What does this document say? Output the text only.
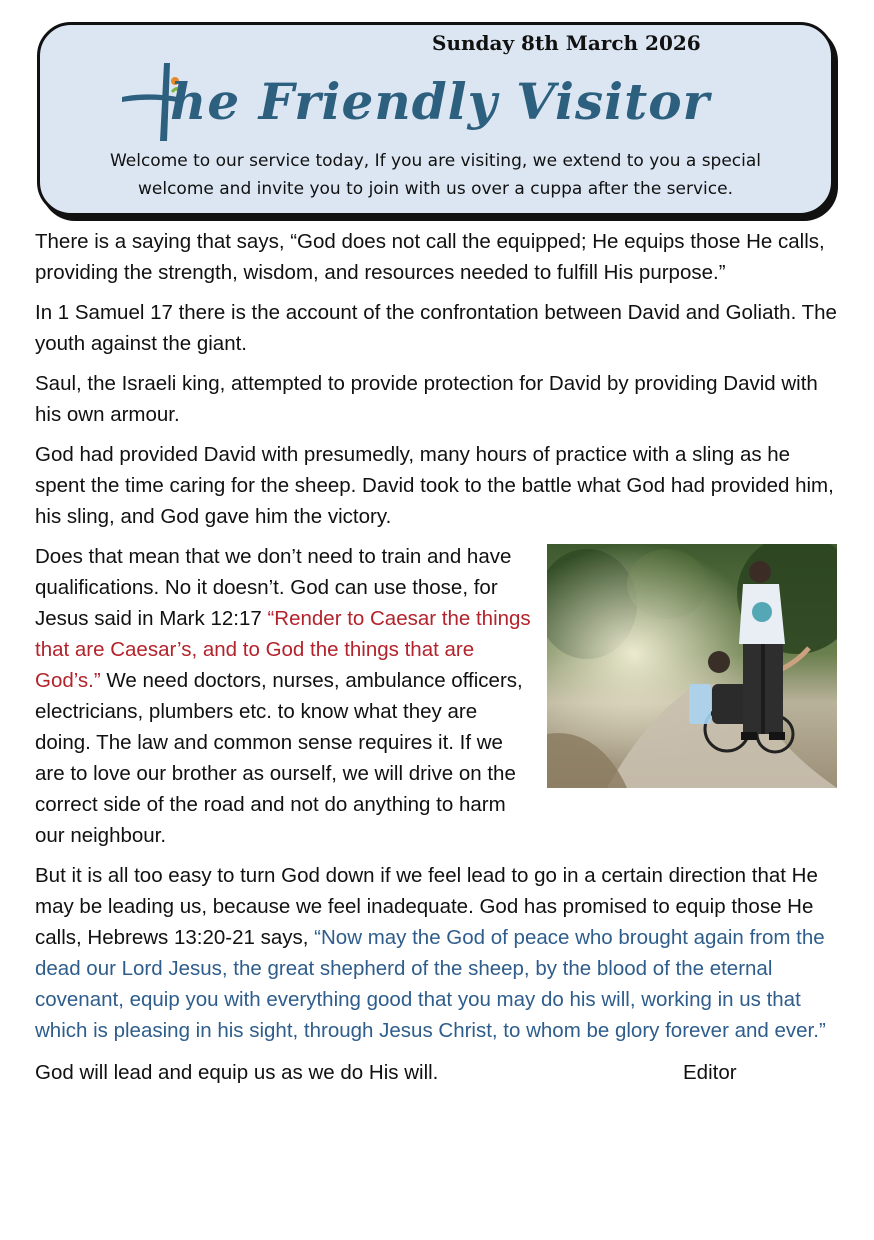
Sunday 8th March 2026
he Friendly Visitor
Welcome to our service today, If you are visiting, we extend to you a special
welcome and invite you to join with us over a cuppa after the service.

There is a saying that says, “God does not call the equipped; He equips those He calls, providing the strength, wisdom, and resources needed to fulfill His purpose.”

In 1 Samuel 17 there is the account of the confrontation between David and Goliath. The youth against the giant.

Saul, the Israeli king, attempted to provide protection for David by providing David with his own armour.

God had provided David with presumedly, many hours of practice with a sling as he spent the time caring for the sheep. David took to the battle what God had provided him, his sling, and God gave him the victory.

Does that mean that we don’t need to train and have qualifications. No it doesn’t. God can use those, for Jesus said in Mark 12:17 “Render to Caesar the things that are Caesar’s, and to God the things that are God’s.” We need doctors, nurses, ambulance officers, electricians, plumbers etc. to know what they are doing. The law and common sense requires it. If we are to love our brother as ourself, we will drive on the correct side of the road and not do anything to harm our neighbour.

But it is all too easy to turn God down if we feel lead to go in a certain direction that He may be leading us, because we feel inadequate. God has promised to equip those He calls, Hebrews 13:20-21 says, “Now may the God of peace who brought again from the dead our Lord Jesus, the great shepherd of the sheep, by the blood of the eternal covenant, equip you with everything good that you may do his will, working in us that which is pleasing in his sight, through Jesus Christ, to whom be glory forever and ever.”

God will lead and equip us as we do His will.	Editor
